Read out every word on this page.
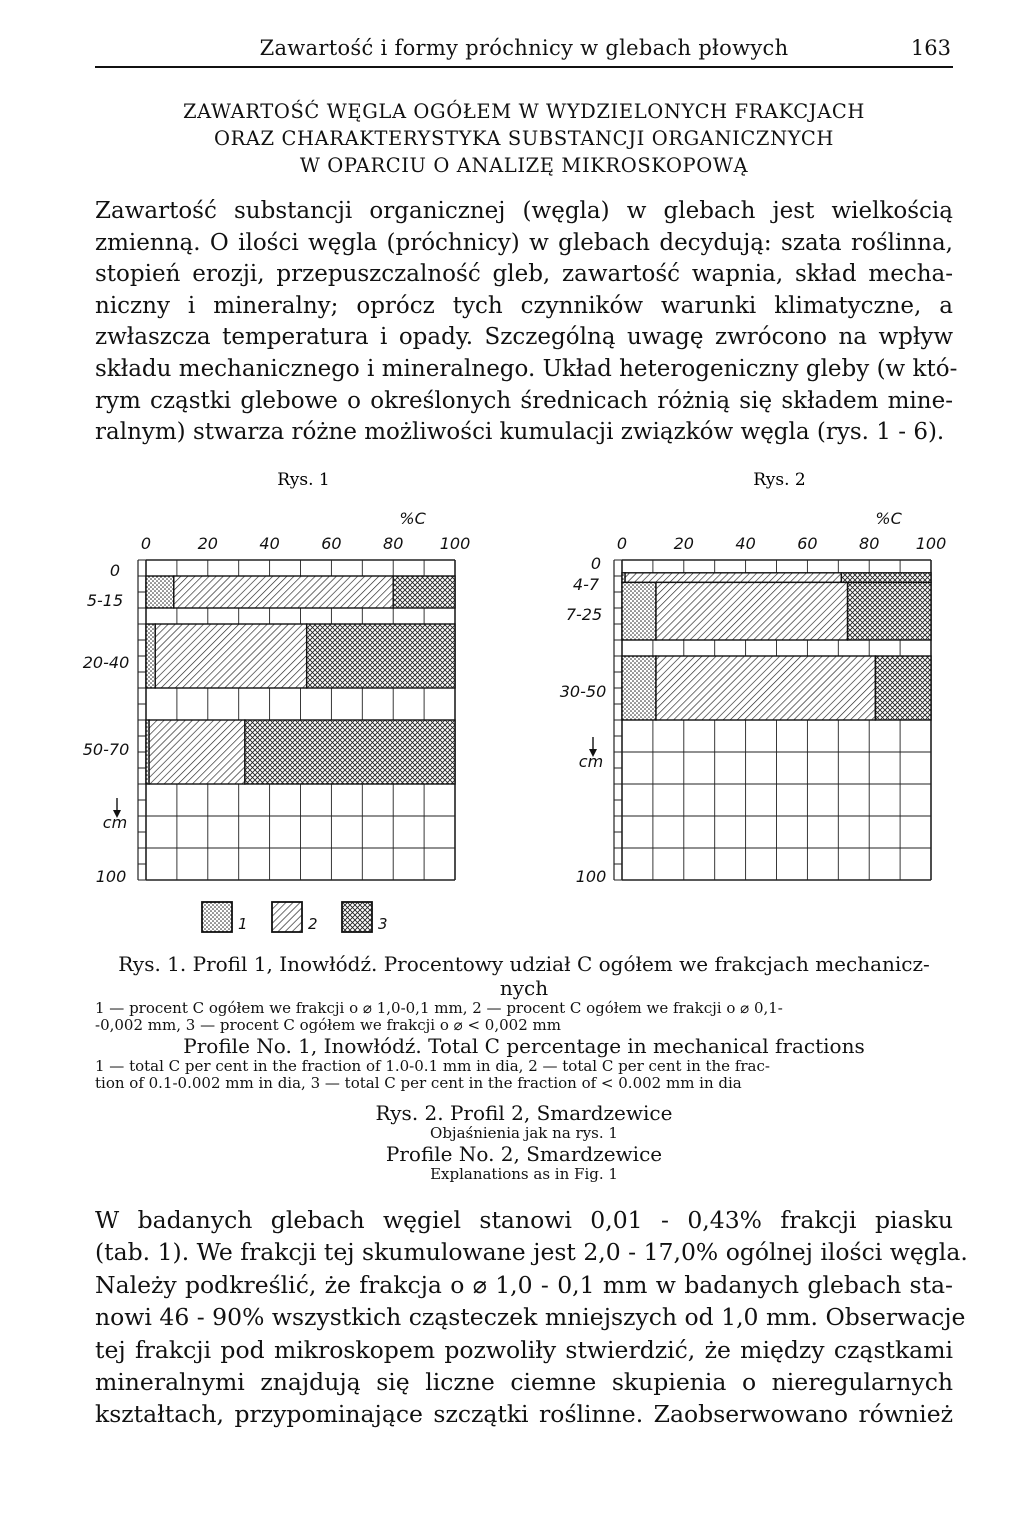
Zawartość i formy próchnicy w glebach płowych	163
ZAWARTOŚĆ WĘGLA OGÓŁEM W WYDZIELONYCH FRAKCJACH
ORAZ CHARAKTERYSTYKA SUBSTANCJI ORGANICZNYCH
W OPARCIU O ANALIZĘ MIKROSKOPOWĄ
Zawartość substancji organicznej (węgla) w glebach jest wielkością
zmienną. O ilości węgla (próchnicy) w glebach decydują: szata roślinna,
stopień erozji, przepuszczalność gleb, zawartość wapnia, skład mecha-
niczny i mineralny; oprócz tych czynników warunki klimatyczne, a
zwłaszcza temperatura i opady. Szczególną uwagę zwrócono na wpływ
składu mechanicznego i mineralnego. Układ heterogeniczny gleby (w któ-
rym cząstki glebowe o określonych średnicach różnią się składem mine-
ralnym) stwarza różne możliwości kumulacji związków węgla (rys. 1 - 6).
Rys. 1
%C
0	20	40	60	80 100
0
5-15
20-40
50-70
cm
100
Rys. 2
%C
0	20	40	60	80 100
0
4-7
7-25
30-50
cm
100
1	2	3
Rys. 1. Profil 1, Inowłódź. Procentowy udział C ogółem we frakcjach mechanicz-
nych
1 — procent C ogółem we frakcji o ⌀ 1,0-0,1 mm, 2 — procent C ogółem we frakcji o ⌀ 0,1-
-0,002 mm, 3 — procent C ogółem we frakcji o ⌀ < 0,002 mm
Profile No. 1, Inowłódź. Total C percentage in mechanical fractions
1 — total C per cent in the fraction of 1.0-0.1 mm in dia, 2 — total C per cent in the frac-
tion of 0.1-0.002 mm in dia, 3 — total C per cent in the fraction of < 0.002 mm in dia
Rys. 2. Profil 2, Smardzewice
Objaśnienia jak na rys. 1
Profile No. 2, Smardzewice
Explanations as in Fig. 1
W badanych glebach węgiel stanowi 0,01 - 0,43% frakcji piasku
(tab. 1). We frakcji tej skumulowane jest 2,0 - 17,0% ogólnej ilości węgla.
Należy podkreślić, że frakcja o ⌀ 1,0 - 0,1 mm w badanych glebach sta-
nowi 46 - 90% wszystkich cząsteczek mniejszych od 1,0 mm. Obserwacje
tej frakcji pod mikroskopem pozwoliły stwierdzić, że między cząstkami
mineralnymi znajdują się liczne ciemne skupienia o nieregularnych
kształtach, przypominające szczątki roślinne. Zaobserwowano również
